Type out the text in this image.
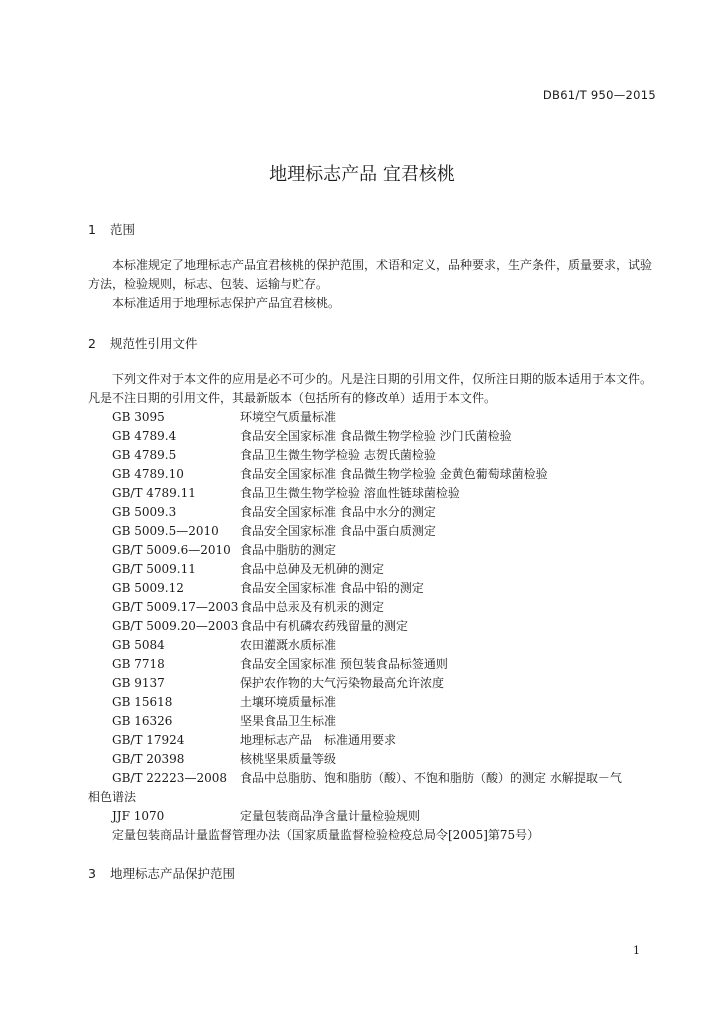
DB61/T 950—2015
地理标志产品 宜君核桃
1 范围

本标准规定了地理标志产品宜君核桃的保护范围，术语和定义，品种要求，生产条件，质量要求，试验方法，检验规则，标志、包装、运输与贮存。

本标准适用于地理标志保护产品宜君核桃。

2 规范性引用文件

下列文件对于本文件的应用是必不可少的。凡是注日期的引用文件，仅所注日期的版本适用于本文件。凡是不注日期的引用文件，其最新版本（包括所有的修改单）适用于本文件。

GB 3095	环境空气质量标准
GB 4789.4	食品安全国家标准 食品微生物学检验 沙门氏菌检验
GB 4789.5	食品卫生微生物学检验 志贺氏菌检验
GB 4789.10	食品安全国家标准 食品微生物学检验 金黄色葡萄球菌检验
GB/T 4789.11	食品卫生微生物学检验 溶血性链球菌检验
GB 5009.3	食品安全国家标准 食品中水分的测定
GB 5009.5—2010 食品安全国家标准 食品中蛋白质测定
GB/T 5009.6—2010 食品中脂肪的测定
GB/T 5009.11	食品中总砷及无机砷的测定
GB 5009.12	食品安全国家标准 食品中铅的测定
GB/T 5009.17—2003 食品中总汞及有机汞的测定
GB/T 5009.20—2003 食品中有机磷农药残留量的测定
GB 5084	农田灌溉水质标准
GB 7718	食品安全国家标准 预包装食品标签通则
GB 9137	保护农作物的大气污染物最高允许浓度
GB 15618	土壤环境质量标准
GB 16326	坚果食品卫生标准
GB/T 17924	地理标志产品　标准通用要求
GB/T 20398	核桃坚果质量等级
GB/T 22223—2008 食品中总脂肪、饱和脂肪（酸）、不饱和脂肪（酸）的测定 水解提取－气
相色谱法
JJF 1070	定量包装商品净含量计量检验规则
定量包装商品计量监督管理办法（国家质量监督检验检疫总局令[2005]第75号）
3 地理标志产品保护范围
1
